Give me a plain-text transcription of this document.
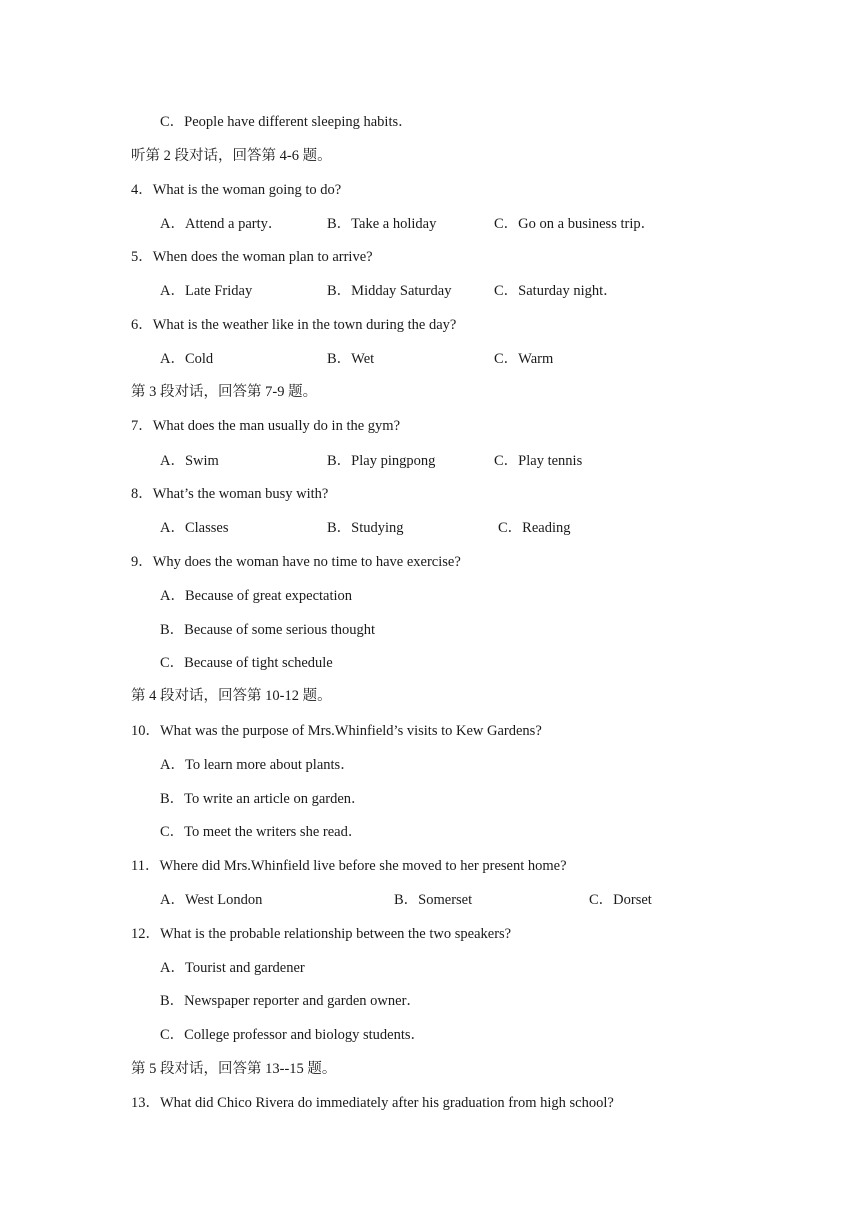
C．People have different sleeping habits．
听第 2 段对话，回答第 4-6 题。
4．What is the woman going to do?
A．Attend a party．	B．Take a holiday	C．Go on a business trip．
5．When does the woman plan to arrive?
A．Late Friday	B．Midday Saturday	C．Saturday night．
6．What is the weather like in the town during the day?
A．Cold	B．Wet	C．Warm
第 3 段对话，回答第 7-9 题。
7．What does the man usually do in the gym?
A．Swim	B．Play pingpong	C．Play tennis
8．What’s the woman busy with?
A．Classes	B．Studying	C．Reading
9．Why does the woman have no time to have exercise?
A．Because of great expectation
B．Because of some serious thought
C．Because of tight schedule
第 4 段对话，回答第 10-12 题。
10．What was the purpose of Mrs.Whinfield’s visits to Kew Gardens?
A．To learn more about plants．
B．To write an article on garden．
C．To meet the writers she read．
11．Where did Mrs.Whinfield live before she moved to her present home?
A．West London	B．Somerset	C．Dorset
12．What is the probable relationship between the two speakers?
A．Tourist and gardener
B．Newspaper reporter and garden owner．
C．College professor and biology students．
第 5 段对话，回答第 13--15 题。
13．What did Chico Rivera do immediately after his graduation from high school?
